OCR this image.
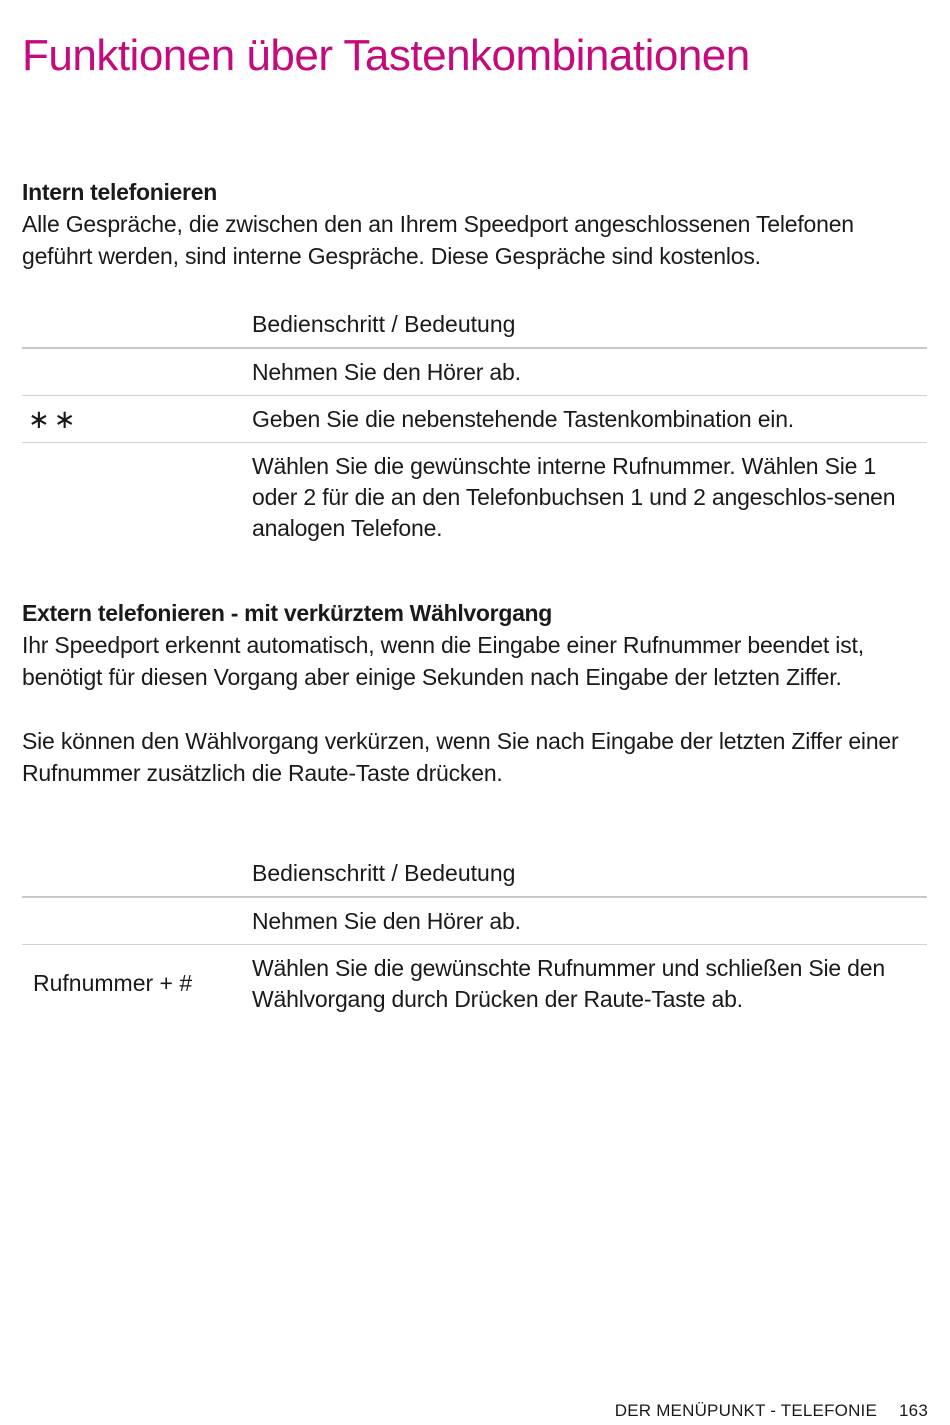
Funktionen über Tastenkombinationen

Intern telefonieren

Alle Gespräche, die zwischen den an Ihrem Speedport angeschlossenen Telefonen geführt werden, sind interne Gespräche. Diese Gespräche sind kostenlos.

Bedienschritt / Bedeutung
Nehmen Sie den Hörer ab.
∗∗	Geben Sie die nebenstehende Tastenkombination ein.
Wählen Sie die gewünschte interne Rufnummer. Wählen Sie 1 oder 2 für die an den Telefonbuchsen 1 und 2 angeschlos-senen analogen Telefone.

Extern telefonieren - mit verkürztem Wählvorgang

Ihr Speedport erkennt automatisch, wenn die Eingabe einer Rufnummer beendet ist, benötigt für diesen Vorgang aber einige Sekunden nach Eingabe der letzten Ziffer.

Sie können den Wählvorgang verkürzen, wenn Sie nach Eingabe der letzten Ziffer einer Rufnummer zusätzlich die Raute-Taste drücken.

Bedienschritt / Bedeutung
Nehmen Sie den Hörer ab.
Rufnummer + #
Wählen Sie die gewünschte Rufnummer und schließen Sie den Wählvorgang durch Drücken der Raute-Taste ab.
DER MENÜPUNKT - TELEFONIE 163
